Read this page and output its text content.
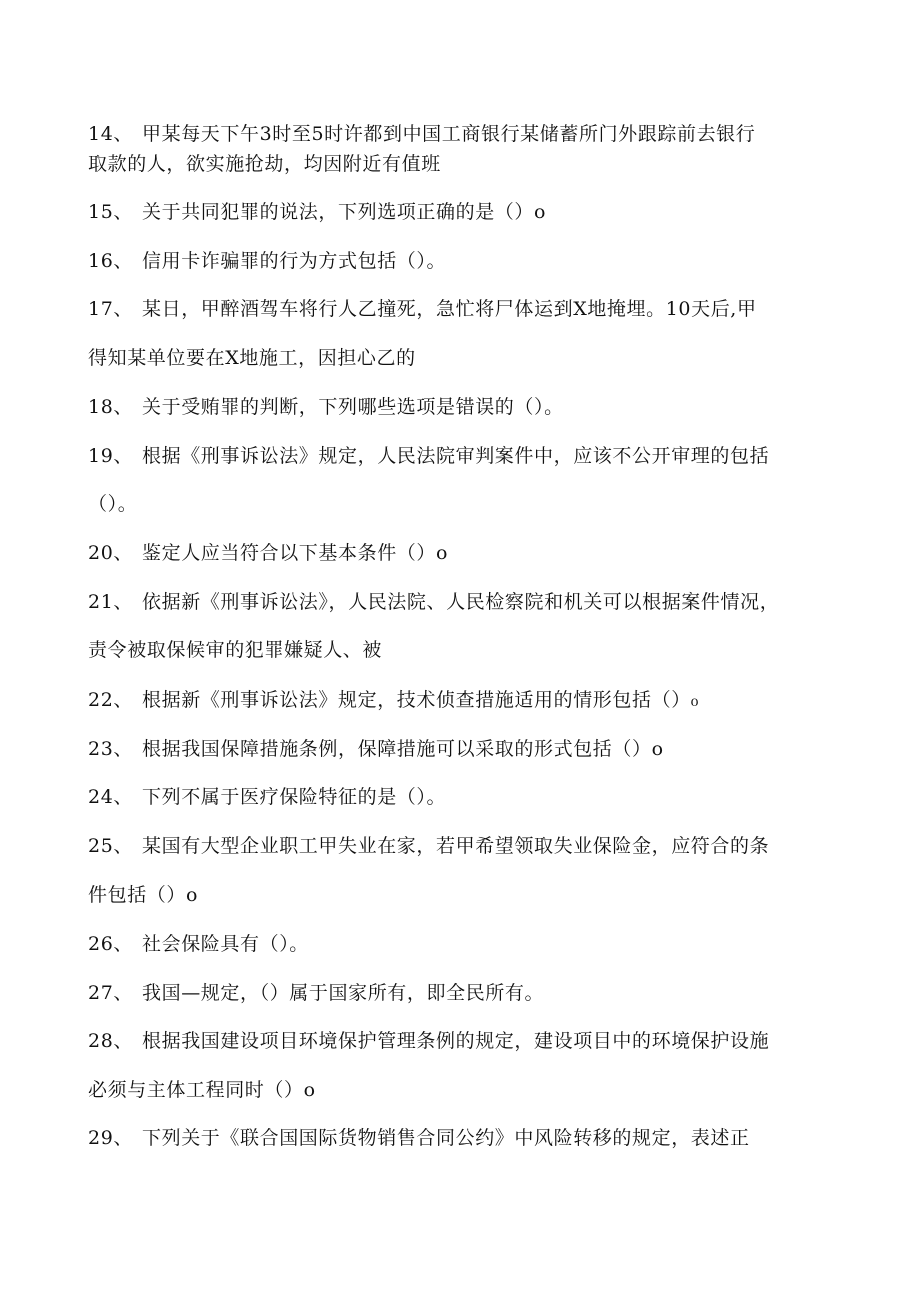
14、 甲某每天下午3时至5时许都到中国工商银行某储蓄所门外跟踪前去银行
取款的人，欲实施抢劫，均因附近有值班
15、 关于共同犯罪的说法，下列选项正确的是（）o
16、 信用卡诈骗罪的行为方式包括（）。
17、 某日，甲醉酒驾车将行人乙撞死，急忙将尸体运到X地掩埋。10天后,甲
得知某单位要在X地施工，因担心乙的
18、 关于受贿罪的判断，下列哪些选项是错误的（）。
19、 根据《刑事诉讼法》规定，人民法院审判案件中，应该不公开审理的包括
（）。
20、 鉴定人应当符合以下基本条件（）o
21、 依据新《刑事诉讼法》，人民法院、人民检察院和机关可以根据案件情况，
责令被取保候审的犯罪嫌疑人、被
22、 根据新《刑事诉讼法》规定，技术侦查措施适用的情形包括（）₀
23、 根据我国保障措施条例，保障措施可以采取的形式包括（）o
24、 下列不属于医疗保险特征的是（）。
25、 某国有大型企业职工甲失业在家，若甲希望领取失业保险金，应符合的条
件包括（）o
26、 社会保险具有（）。
27、 我国—规定，（）属于国家所有，即全民所有。
28、 根据我国建设项目环境保护管理条例的规定，建设项目中的环境保护设施
必须与主体工程同时（）o
29、 下列关于《联合国国际货物销售合同公约》中风险转移的规定，表述正
